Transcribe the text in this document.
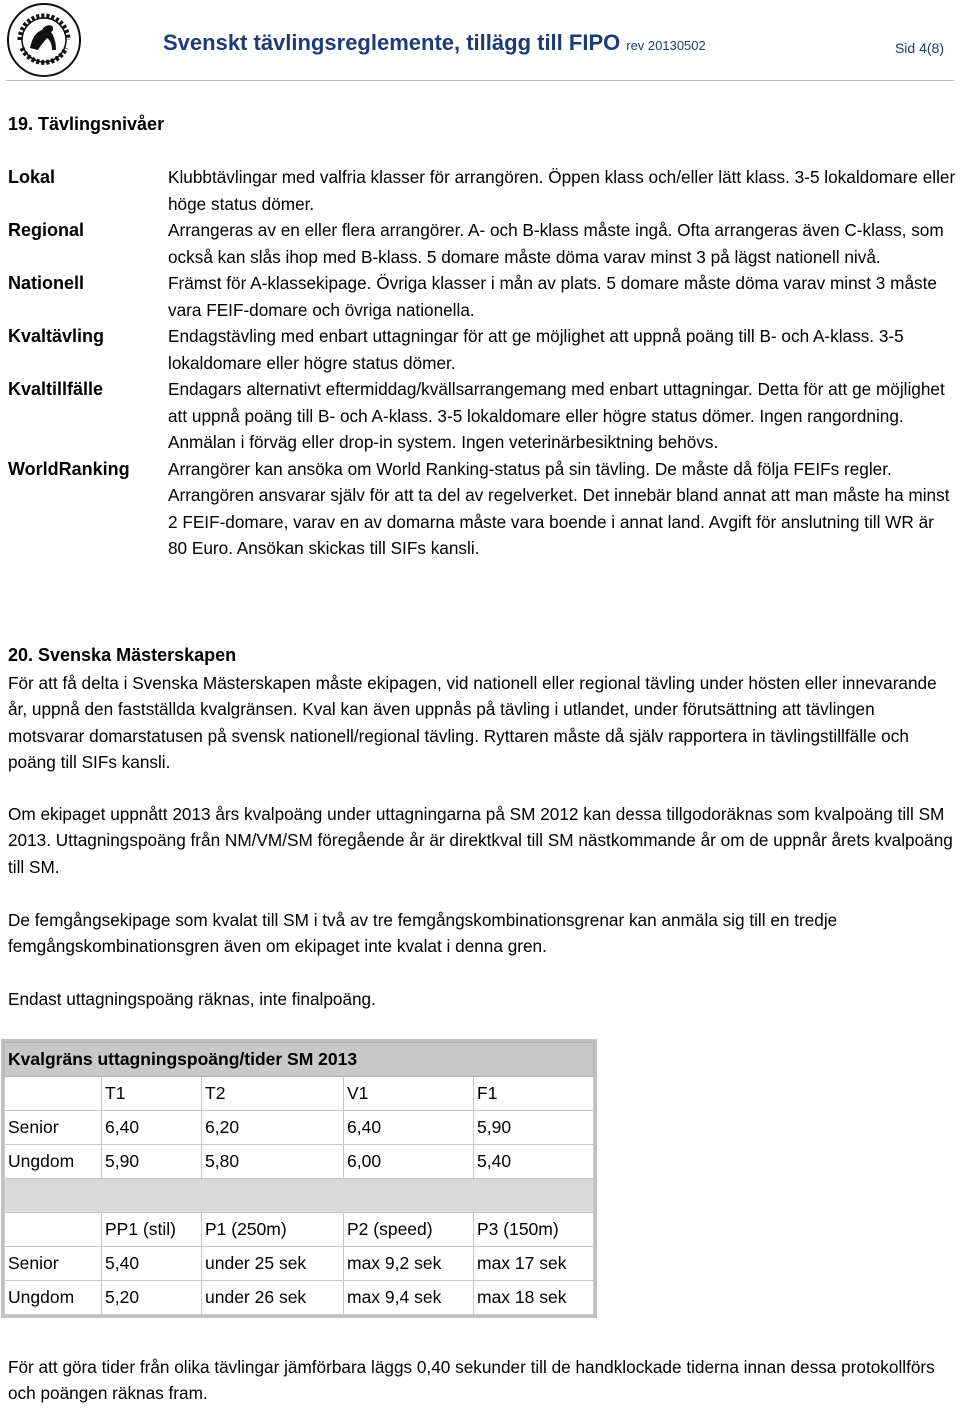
Svenskt tävlingsreglemente, tillägg till FIPO rev 20130502	Sid 4(8)
19. Tävlingsnivåer
Lokal	Klubbtävlingar med valfria klasser för arrangören. Öppen klass och/eller lätt klass. 3-5 lokaldomare eller höge status dömer.
Regional	Arrangeras av en eller flera arrangörer. A- och B-klass måste ingå. Ofta arrangeras även C-klass, som också kan slås ihop med B-klass. 5 domare måste döma varav minst 3 på lägst nationell nivå.
Nationell	Främst för A-klassekipage. Övriga klasser i mån av plats. 5 domare måste döma varav minst 3 måste vara FEIF-domare och övriga nationella.
Kvaltävling	Endagstävling med enbart uttagningar för att ge möjlighet att uppnå poäng till B- och A-klass. 3-5 lokaldomare eller högre status dömer.
Kvaltillfälle	Endagars alternativt eftermiddag/kvällsarrangemang med enbart uttagningar. Detta för att ge möjlighet att uppnå poäng till B- och A-klass. 3-5 lokaldomare eller högre status dömer. Ingen rangordning. Anmälan i förväg eller drop-in system. Ingen veterinärbesiktning behövs.
WorldRanking Arrangörer kan ansöka om World Ranking-status på sin tävling. De måste då följa FEIFs regler. Arrangören ansvarar själv för att ta del av regelverket. Det innebär bland annat att man måste ha minst 2 FEIF-domare, varav en av domarna måste vara boende i annat land. Avgift för anslutning till WR är 80 Euro. Ansökan skickas till SIFs kansli.
20. Svenska Mästerskapen
För att få delta i Svenska Mästerskapen måste ekipagen, vid nationell eller regional tävling under hösten eller innevarande år, uppnå den fastställda kvalgränsen. Kval kan även uppnås på tävling i utlandet, under förutsättning att tävlingen motsvarar domarstatusen på svensk nationell/regional tävling. Ryttaren måste då själv rapportera in tävlingstillfälle och poäng till SIFs kansli.
Om ekipaget uppnått 2013 års kvalpoäng under uttagningarna på SM 2012 kan dessa tillgodoräknas som kvalpoäng till SM 2013. Uttagningspoäng från NM/VM/SM föregående år är direktkval till SM nästkommande år om de uppnår årets kvalpoäng till SM.
De femgångsekipage som kvalat till SM i två av tre femgångskombinationsgrenar kan anmäla sig till en tredje femgångskombinationsgren även om ekipaget inte kvalat i denna gren.
Endast uttagningspoäng räknas, inte finalpoäng.
Kvalgräns uttagningspoäng/tider SM 2013				
	T1	T2	V1	F1
Senior	6,40	6,20	6,40	5,90
Ungdom	5,90	5,80	6,00	5,40

	PP1 (stil)	P1 (250m)	P2 (speed)	P3 (150m)
Senior	5,40	under 25 sek	max 9,2 sek	max 17 sek
Ungdom	5,20	under 26 sek	max 9,4 sek	max 18 sek
För att göra tider från olika tävlingar jämförbara läggs 0,40 sekunder till de handklockade tiderna innan dessa protokollförs och poängen räknas fram.
